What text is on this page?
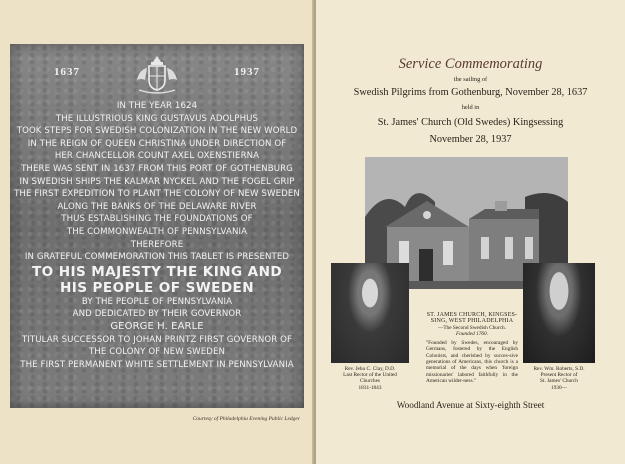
1637	1937
IN THE YEAR 1624
THE ILLUSTRIOUS KING GUSTAVUS ADOLPHUS
TOOK STEPS FOR SWEDISH COLONIZATION IN THE NEW WORLD
IN THE REIGN OF QUEEN CHRISTINA UNDER DIRECTION OF
HER CHANCELLOR COUNT AXEL OXENSTIERNA
THERE WAS SENT IN 1637 FROM THIS PORT OF GOTHENBURG
IN SWEDISH SHIPS THE KALMAR NYCKEL AND THE FOGEL GRIP
THE FIRST EXPEDITION TO PLANT THE COLONY OF NEW SWEDEN
ALONG THE BANKS OF THE DELAWARE RIVER
THUS ESTABLISHING THE FOUNDATIONS OF
THE COMMONWEALTH OF PENNSYLVANIA
THEREFORE
IN GRATEFUL COMMEMORATION THIS TABLET IS PRESENTED
TO HIS MAJESTY THE KING AND
HIS PEOPLE OF SWEDEN
BY THE PEOPLE OF PENNSYLVANIA
AND DEDICATED BY THEIR GOVERNOR
GEORGE H. EARLE
TITULAR SUCCESSOR TO JOHAN PRINTZ FIRST GOVERNOR OF
THE COLONY OF NEW SWEDEN
THE FIRST PERMANENT WHITE SETTLEMENT IN PENNSYLVANIA
Courtesy of Philadelphia Evening Public Ledger
Service Commemorating
the sailing of
Swedish Pilgrims from Gothenburg, November 28, 1637
held in
St. James' Church (Old Swedes) Kingsessing
November 28, 1937
Rev. Jehu C. Clay, D.D.
Last Rector of the United
Churches
1831-1843
Rev. Wm. Roberts, S.D.
Present Rector of
St. James' Church
1930—
ST. JAMES CHURCH, KINGSES-
SING, WEST PHILADELPHIA
—The Second Swedish Church.
Founded 1760.
"Founded by Swedes, encouraged by Germans, fostered by the English Colonists, and cherished by succes-sive generations of Americans, this church is a memorial of the days when 'foreign missionaries' labored faithfully in the American wilder-ness."
Woodland Avenue at Sixty-eighth Street
